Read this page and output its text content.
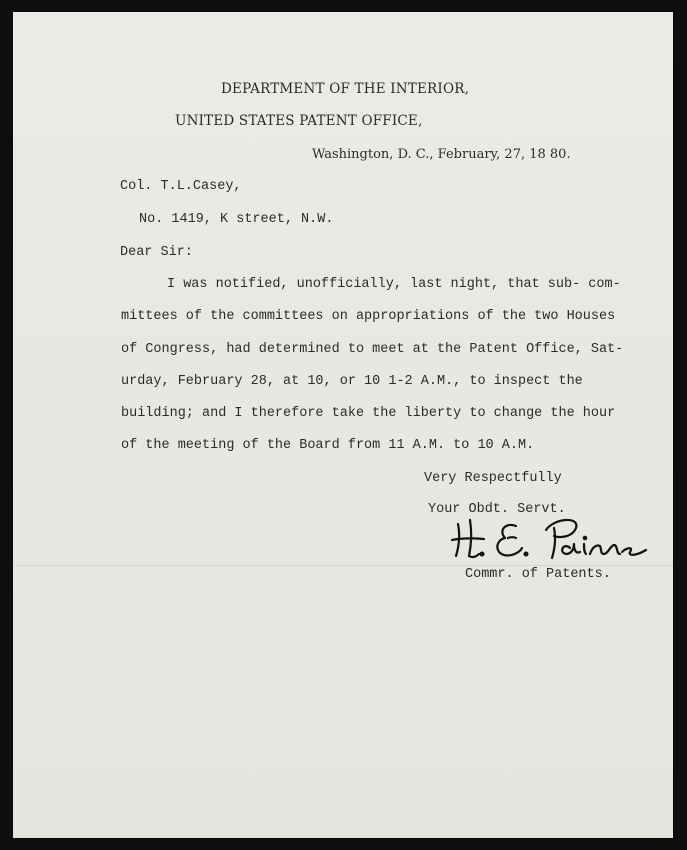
DEPARTMENT OF THE INTERIOR,
UNITED STATES PATENT OFFICE,
Washington, D. C., February, 27, 18 80.
Col. T.L.Casey,
No. 1419, K street, N.W.
Dear Sir:
I was notified, unofficially, last night, that sub- com-
mittees of the committees on appropriations of the two Houses
of Congress, had determined to meet at the Patent Office, Sat-
urday, February 28, at 10, or 10 1-2 A.M., to inspect the
building; and I therefore take the liberty to change the hour
of the meeting of the Board from 11 A.M. to 10 A.M.
Very Respectfully
Your Obdt. Servt.
Commr. of Patents.
